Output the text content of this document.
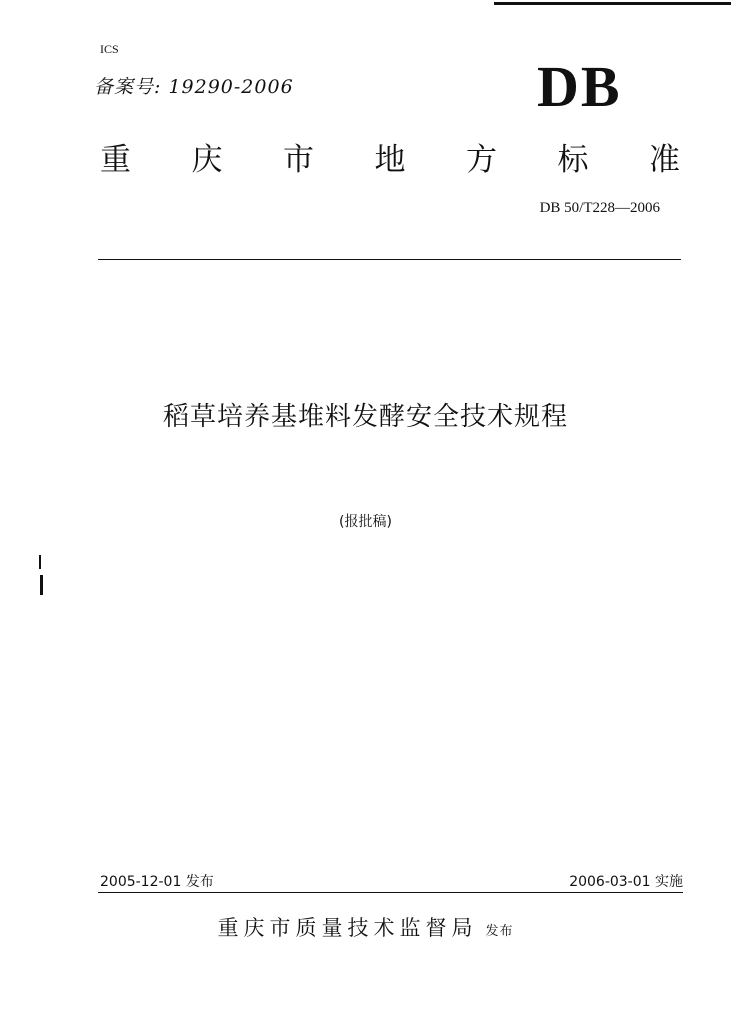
ICS
备案号: 19290-2006	DB
重 庆 市 地 方 标 准
DB 50/T228—2006
稻草培养基堆料发酵安全技术规程
(报批稿)
2005-12-01 发布	2006-03-01 实施
重庆市质量技术监督局 发布
